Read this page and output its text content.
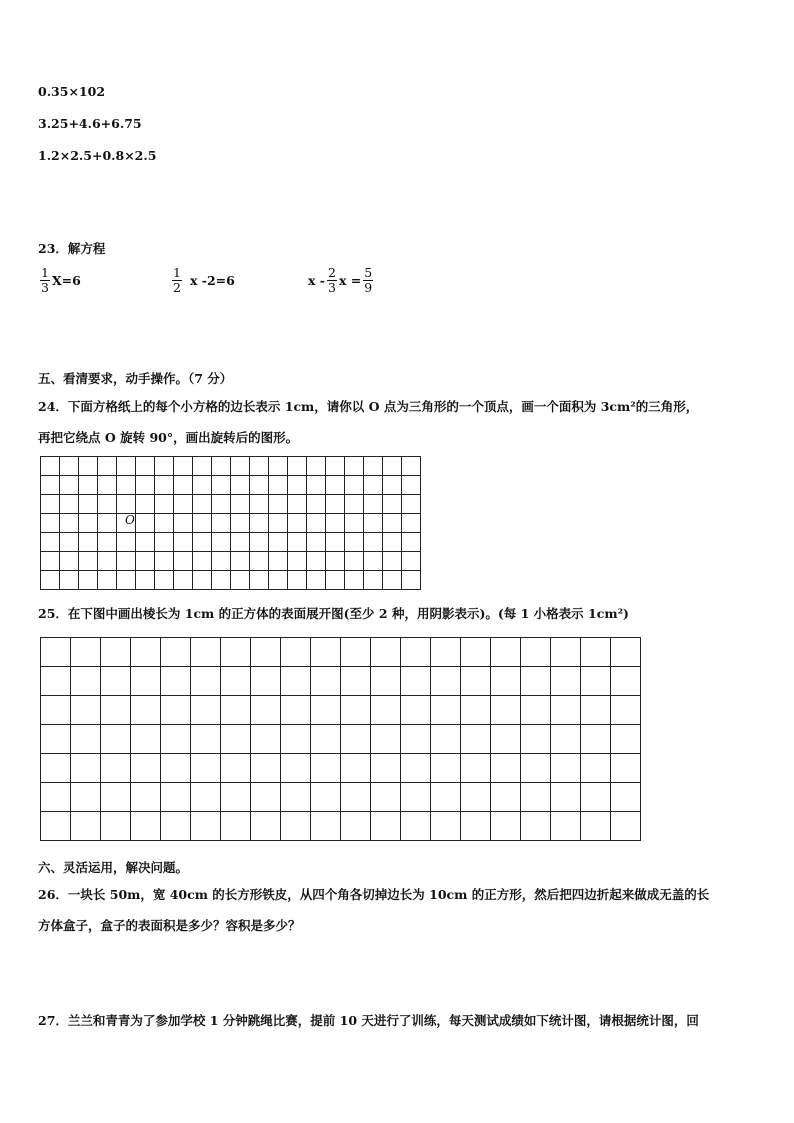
0.35×102
3.25+4.6+6.75
1.2×2.5+0.8×2.5
23．解方程
$\frac{1}{3} X=6$	$\frac{1}{2}$ x -2=6	x - $\frac{2}{3}$ $x = \frac{5}{9}$
五、看清要求，动手操作。（7 分）
24．下面方格纸上的每个小方格的边长表示 1cm，请你以 O 点为三角形的一个顶点，画一个面积为 3cm²的三角形，
再把它绕点 O 旋转 90°，画出旋转后的图形。

O
25．在下图中画出棱长为 1cm 的正方体的表面展开图(至少 2 种，用阴影表示)。(每 1 小格表示 1cm²)

六、灵活运用，解决问题。
26．一块长 50m，宽 40cm 的长方形铁皮，从四个角各切掉边长为 10cm 的正方形，然后把四边折起来做成无盖的长
方体盒子，盒子的表面积是多少？容积是多少？
27．兰兰和青青为了参加学校 1 分钟跳绳比赛，提前 10 天进行了训练，每天测试成绩如下统计图，请根据统计图，回
